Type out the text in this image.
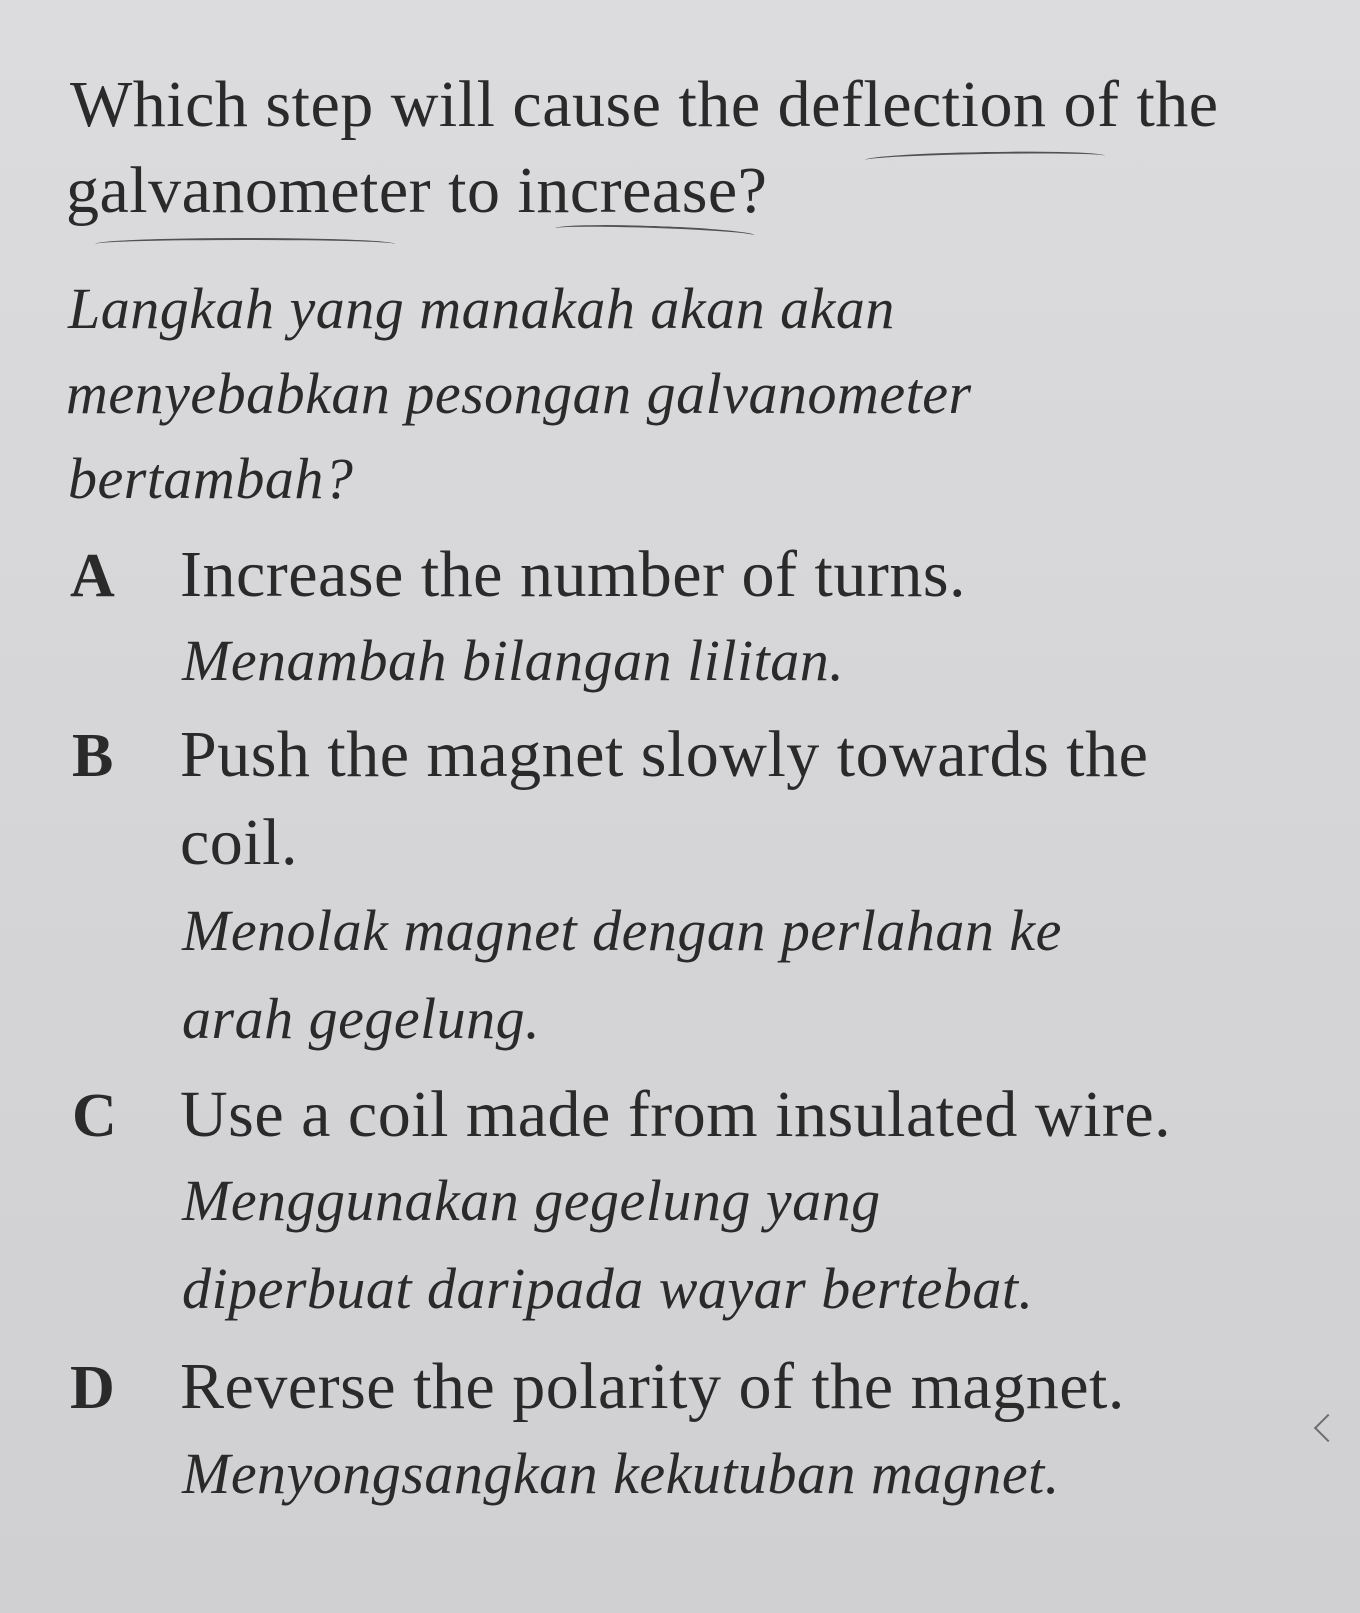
Which step will cause the deflection of the
galvanometer to increase?
Langkah yang manakah akan akan
menyebabkan pesongan galvanometer
bertambah?
A Increase the number of turns.
Menambah bilangan lilitan.
B Push the magnet slowly towards the
coil.
Menolak magnet dengan perlahan ke
arah gegelung.
C Use a coil made from insulated wire.
Menggunakan gegelung yang
diperbuat daripada wayar bertebat.
D Reverse the polarity of the magnet.
Menyongsangkan kekutuban magnet.
